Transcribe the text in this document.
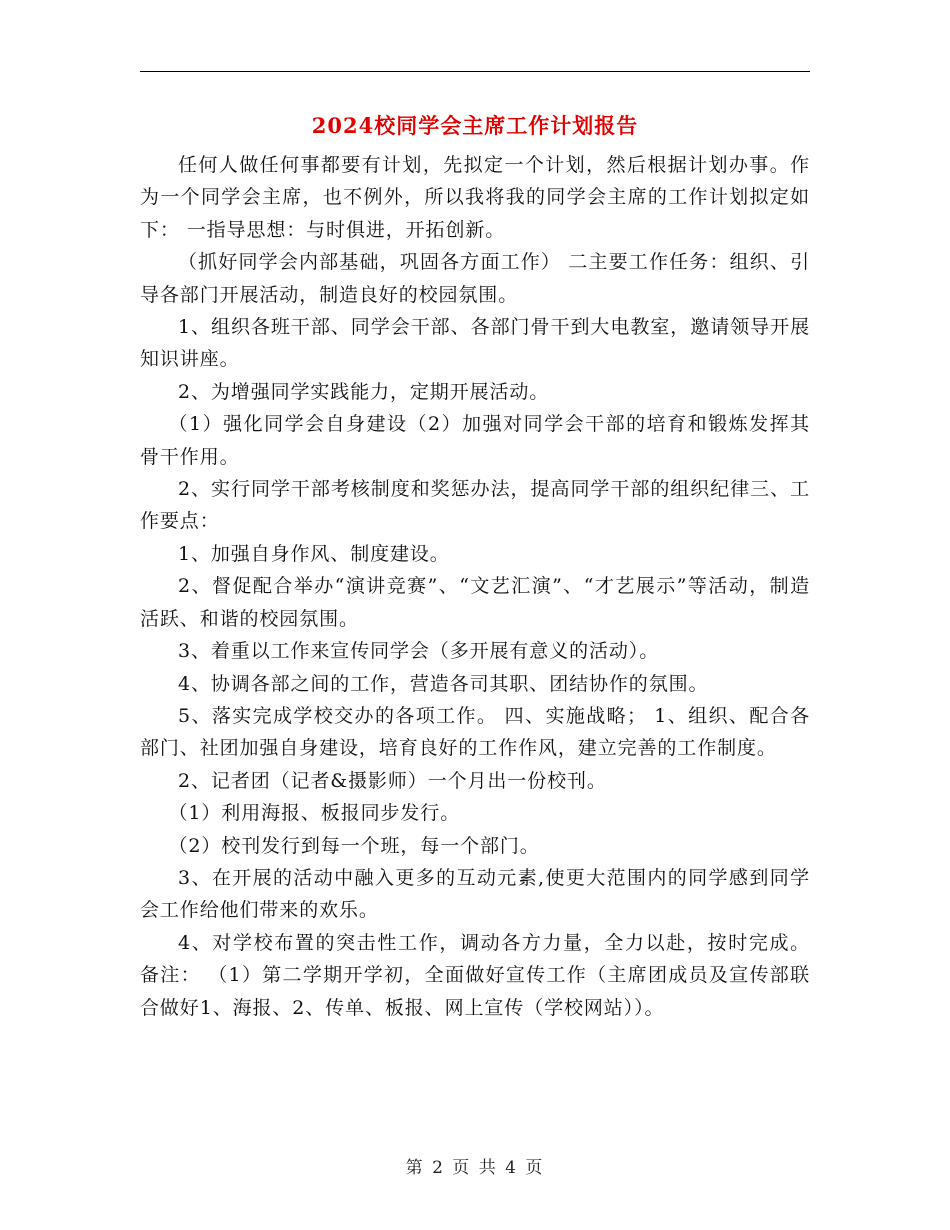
2024校同学会主席工作计划报告

任何人做任何事都要有计划，先拟定一个计划，然后根据计划办事。作为一个同学会主席，也不例外，所以我将我的同学会主席的工作计划拟定如下： 一指导思想：与时俱进，开拓创新。

（抓好同学会内部基础，巩固各方面工作） 二主要工作任务：组织、引导各部门开展活动，制造良好的校园氛围。

1、组织各班干部、同学会干部、各部门骨干到大电教室，邀请领导开展知识讲座。

2、为增强同学实践能力，定期开展活动。

（1）强化同学会自身建设（2）加强对同学会干部的培育和锻炼发挥其骨干作用。

2、实行同学干部考核制度和奖惩办法，提高同学干部的组织纪律三、工作要点：

1、加强自身作风、制度建设。

2、督促配合举办“演讲竞赛”、“文艺汇演”、“才艺展示”等活动，制造活跃、和谐的校园氛围。

3、着重以工作来宣传同学会（多开展有意义的活动）。

4、协调各部之间的工作，营造各司其职、团结协作的氛围。

5、落实完成学校交办的各项工作。 四、实施战略； 1、组织、配合各部门、社团加强自身建设，培育良好的工作作风，建立完善的工作制度。

2、记者团（记者&摄影师）一个月出一份校刊。

（1）利用海报、板报同步发行。

（2）校刊发行到每一个班，每一个部门。

3、在开展的活动中融入更多的互动元素,使更大范围内的同学感到同学会工作给他们带来的欢乐。

4、对学校布置的突击性工作，调动各方力量，全力以赴，按时完成。 备注： （1）第二学期开学初，全面做好宣传工作（主席团成员及宣传部联合做好1、海报、2、传单、板报、网上宣传（学校网站））。

第 2 页 共 4 页
